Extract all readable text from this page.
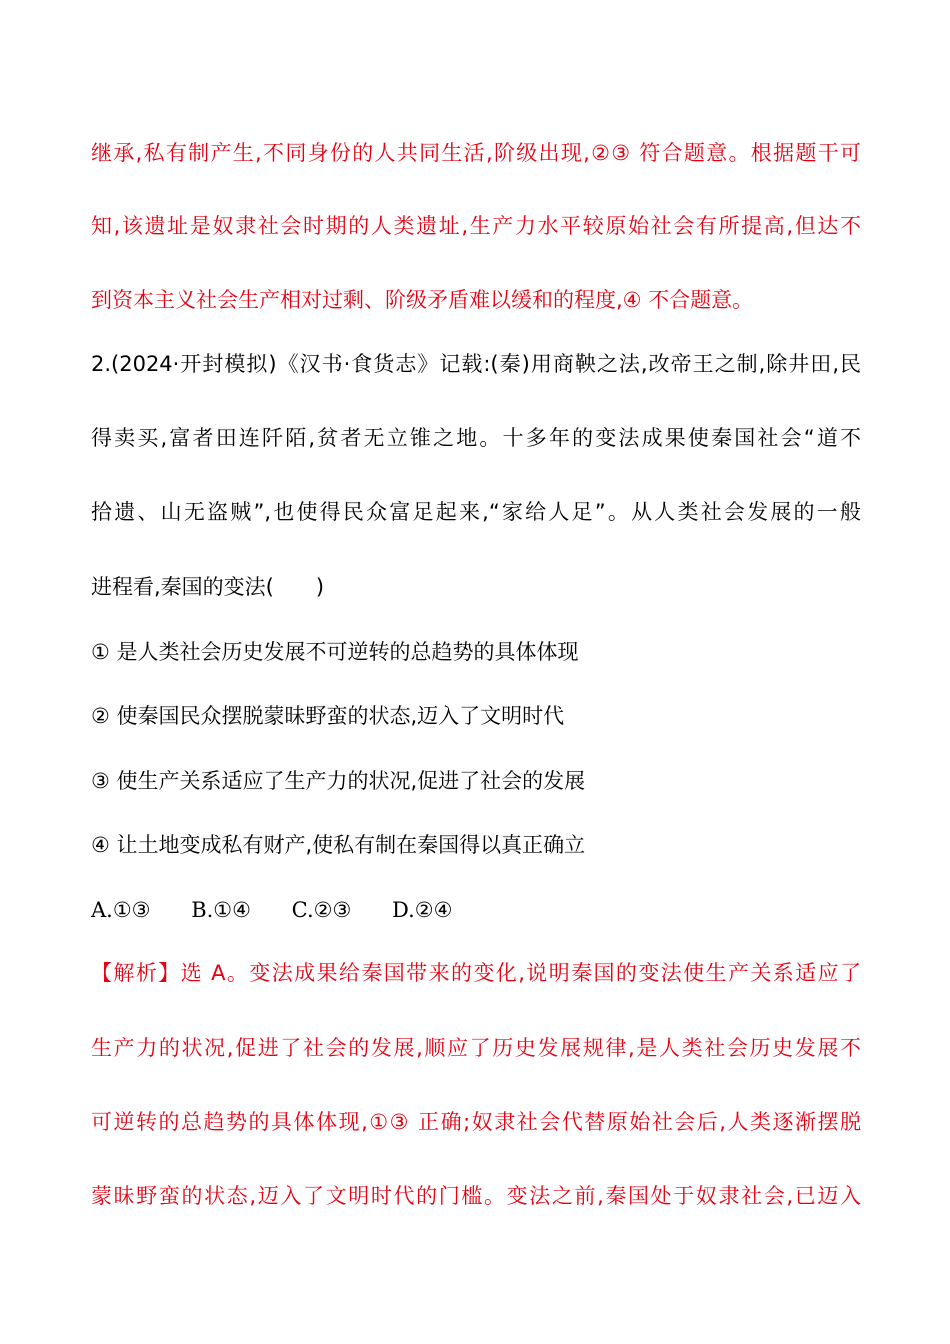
继承,私有制产生,不同身份的人共同生活,阶级出现,②③ 符合题意。根据题干可
知,该遗址是奴隶社会时期的人类遗址,生产力水平较原始社会有所提高,但达不
到资本主义社会生产相对过剩、阶级矛盾难以缓和的程度,④ 不合题意。
2.(2024·开封模拟)《汉书·食货志》记载:(秦)用商鞅之法,改帝王之制,除井田,民
得卖买,富者田连阡陌,贫者无立锥之地。十多年的变法成果使秦国社会“道不
拾遗、山无盗贼”,也使得民众富足起来,“家给人足”。从人类社会发展的一般
进程看,秦国的变法(　　)
① 是人类社会历史发展不可逆转的总趋势的具体体现
② 使秦国民众摆脱蒙昧野蛮的状态,迈入了文明时代
③ 使生产关系适应了生产力的状况,促进了社会的发展
④ 让土地变成私有财产,使私有制在秦国得以真正确立
A.①③ B.①④ C.②③ D.②④
【解析】选 A。变法成果给秦国带来的变化,说明秦国的变法使生产关系适应了
生产力的状况,促进了社会的发展,顺应了历史发展规律,是人类社会历史发展不
可逆转的总趋势的具体体现,①③ 正确;奴隶社会代替原始社会后,人类逐渐摆脱
蒙昧野蛮的状态,迈入了文明时代的门槛。变法之前,秦国处于奴隶社会,已迈入
